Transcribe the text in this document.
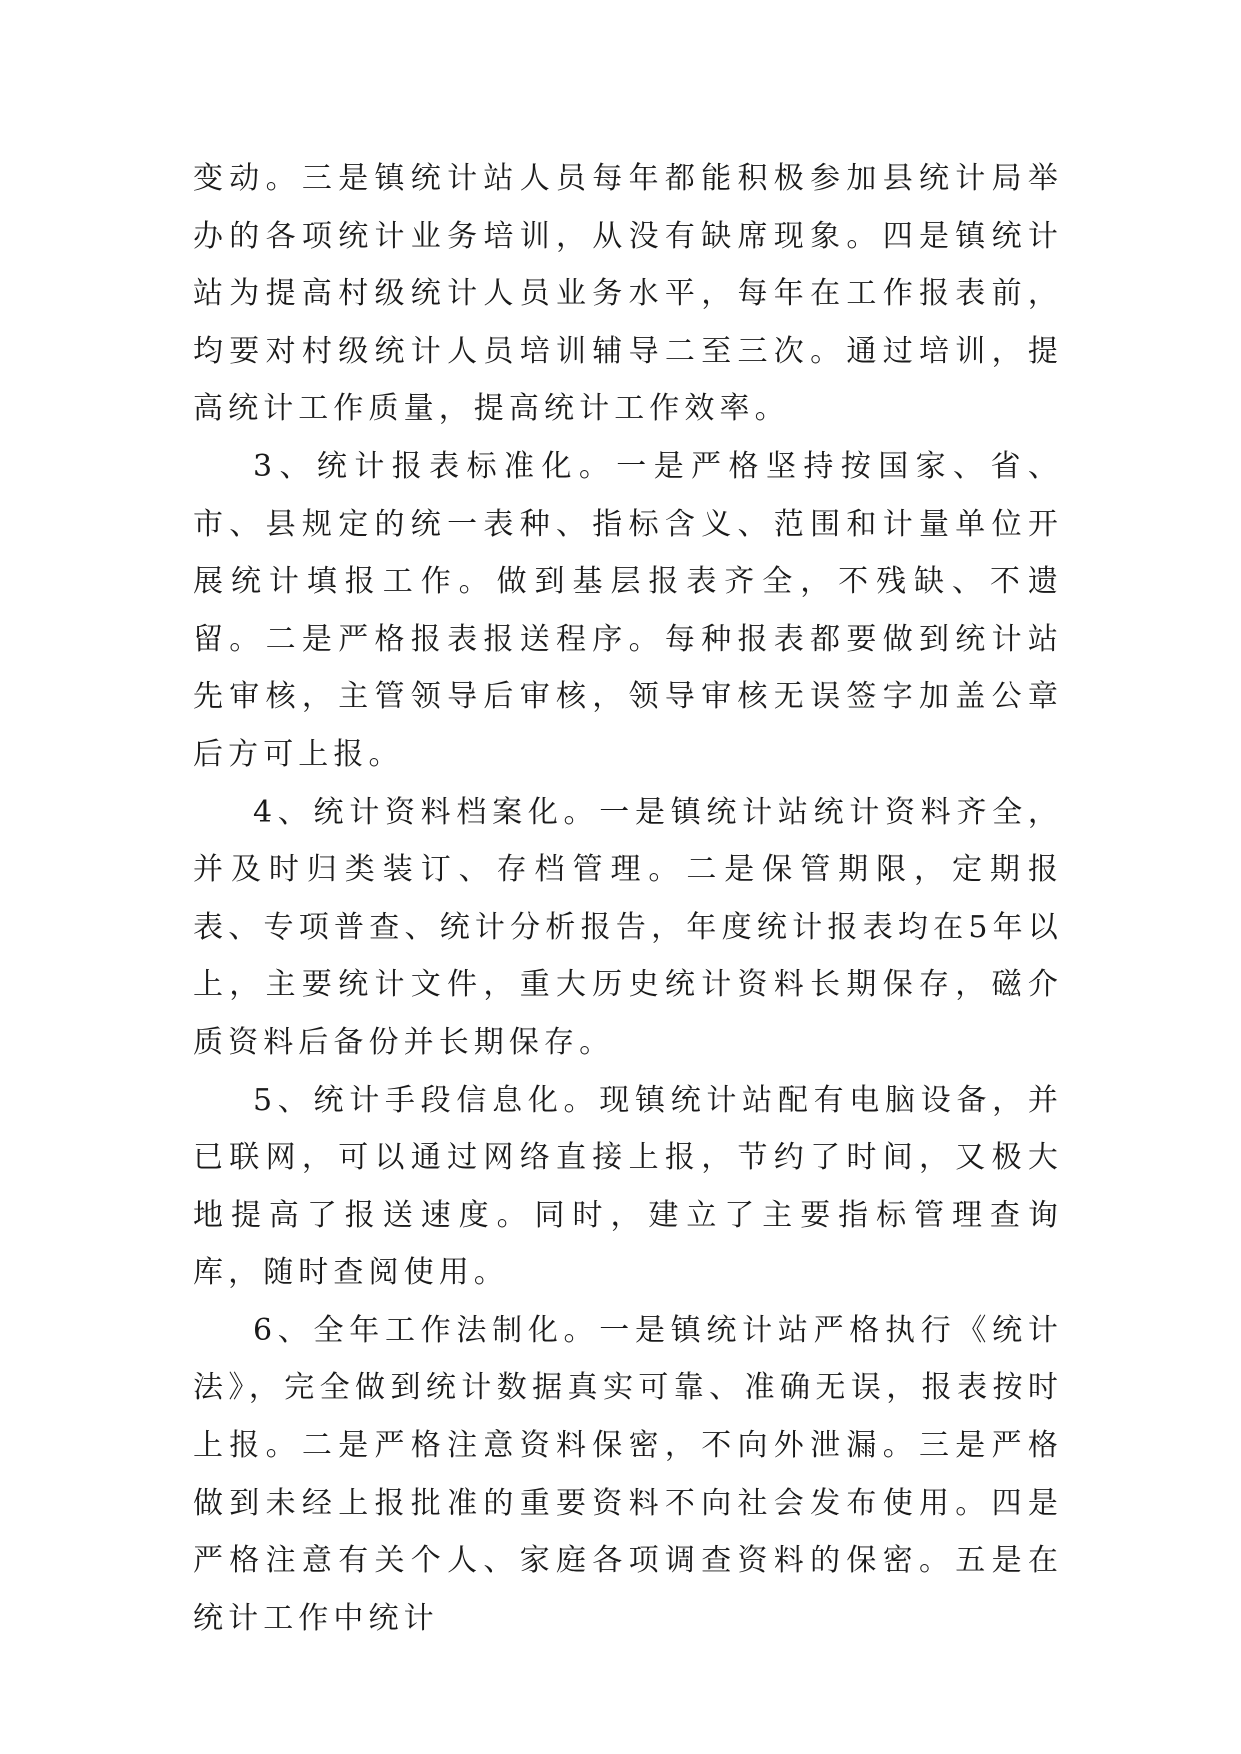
变动。三是镇统计站人员每年都能积极参加县统计局举办的各项统计业务培训，从没有缺席现象。四是镇统计站为提高村级统计人员业务水平，每年在工作报表前，均要对村级统计人员培训辅导二至三次。通过培训，提高统计工作质量，提高统计工作效率。

3、统计报表标准化。一是严格坚持按国家、省、市、县规定的统一表种、指标含义、范围和计量单位开展统计填报工作。做到基层报表齐全，不残缺、不遗留。二是严格报表报送程序。每种报表都要做到统计站先审核，主管领导后审核，领导审核无误签字加盖公章后方可上报。

4、统计资料档案化。一是镇统计站统计资料齐全，并及时归类装订、存档管理。二是保管期限，定期报表、专项普查、统计分析报告，年度统计报表均在5年以上，主要统计文件，重大历史统计资料长期保存，磁介质资料后备份并长期保存。

5、统计手段信息化。现镇统计站配有电脑设备，并已联网，可以通过网络直接上报，节约了时间，又极大地提高了报送速度。同时，建立了主要指标管理查询库，随时查阅使用。

6、全年工作法制化。一是镇统计站严格执行《统计法》，完全做到统计数据真实可靠、准确无误，报表按时上报。二是严格注意资料保密，不向外泄漏。三是严格做到未经上报批准的重要资料不向社会发布使用。四是严格注意有关个人、家庭各项调查资料的保密。五是在统计工作中统计
